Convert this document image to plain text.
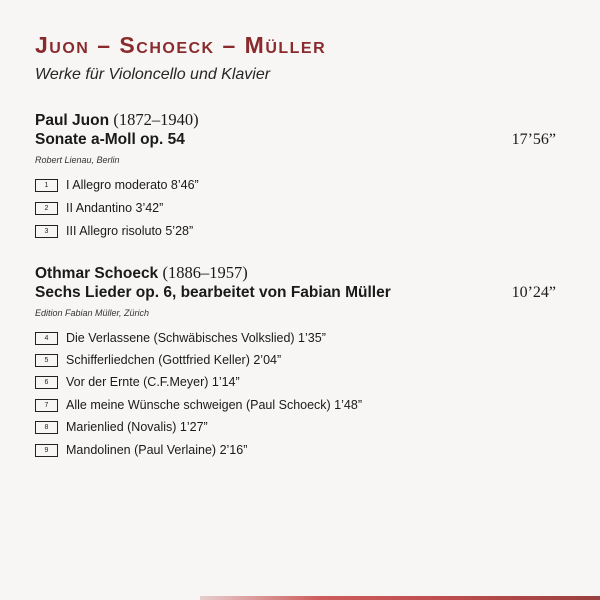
Juon – Schoeck – Müller
Werke für Violoncello und Klavier
Paul Juon (1872–1940)
Sonate a-Moll op. 54	17’56”
Robert Lienau, Berlin
1	I Allegro moderato 8’46”
2	II Andantino 3’42”
3	III Allegro risoluto 5’28”
Othmar Schoeck (1886–1957)
Sechs Lieder op. 6, bearbeitet von Fabian Müller	10’24”
Edition Fabian Müller, Zürich
4	Die Verlassene (Schwäbisches Volkslied) 1’35”
5	Schifferliedchen (Gottfried Keller) 2’04”
6	Vor der Ernte (C.F.Meyer) 1’14”
7	Alle meine Wünsche schweigen (Paul Schoeck) 1’48”
8	Marienlied (Novalis) 1’27”
9	Mandolinen (Paul Verlaine) 2’16”
